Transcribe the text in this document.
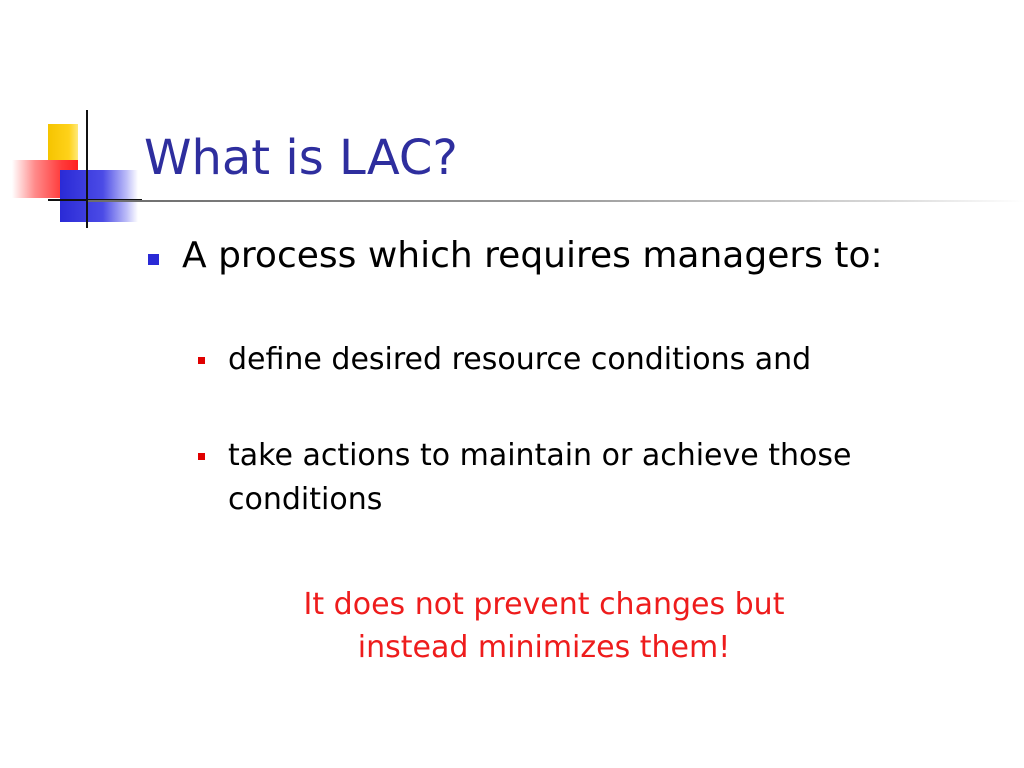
What is LAC?
A process which requires managers to:
define desired resource conditions and
take actions to maintain or achieve those conditions

It does not prevent changes but
instead minimizes them!
